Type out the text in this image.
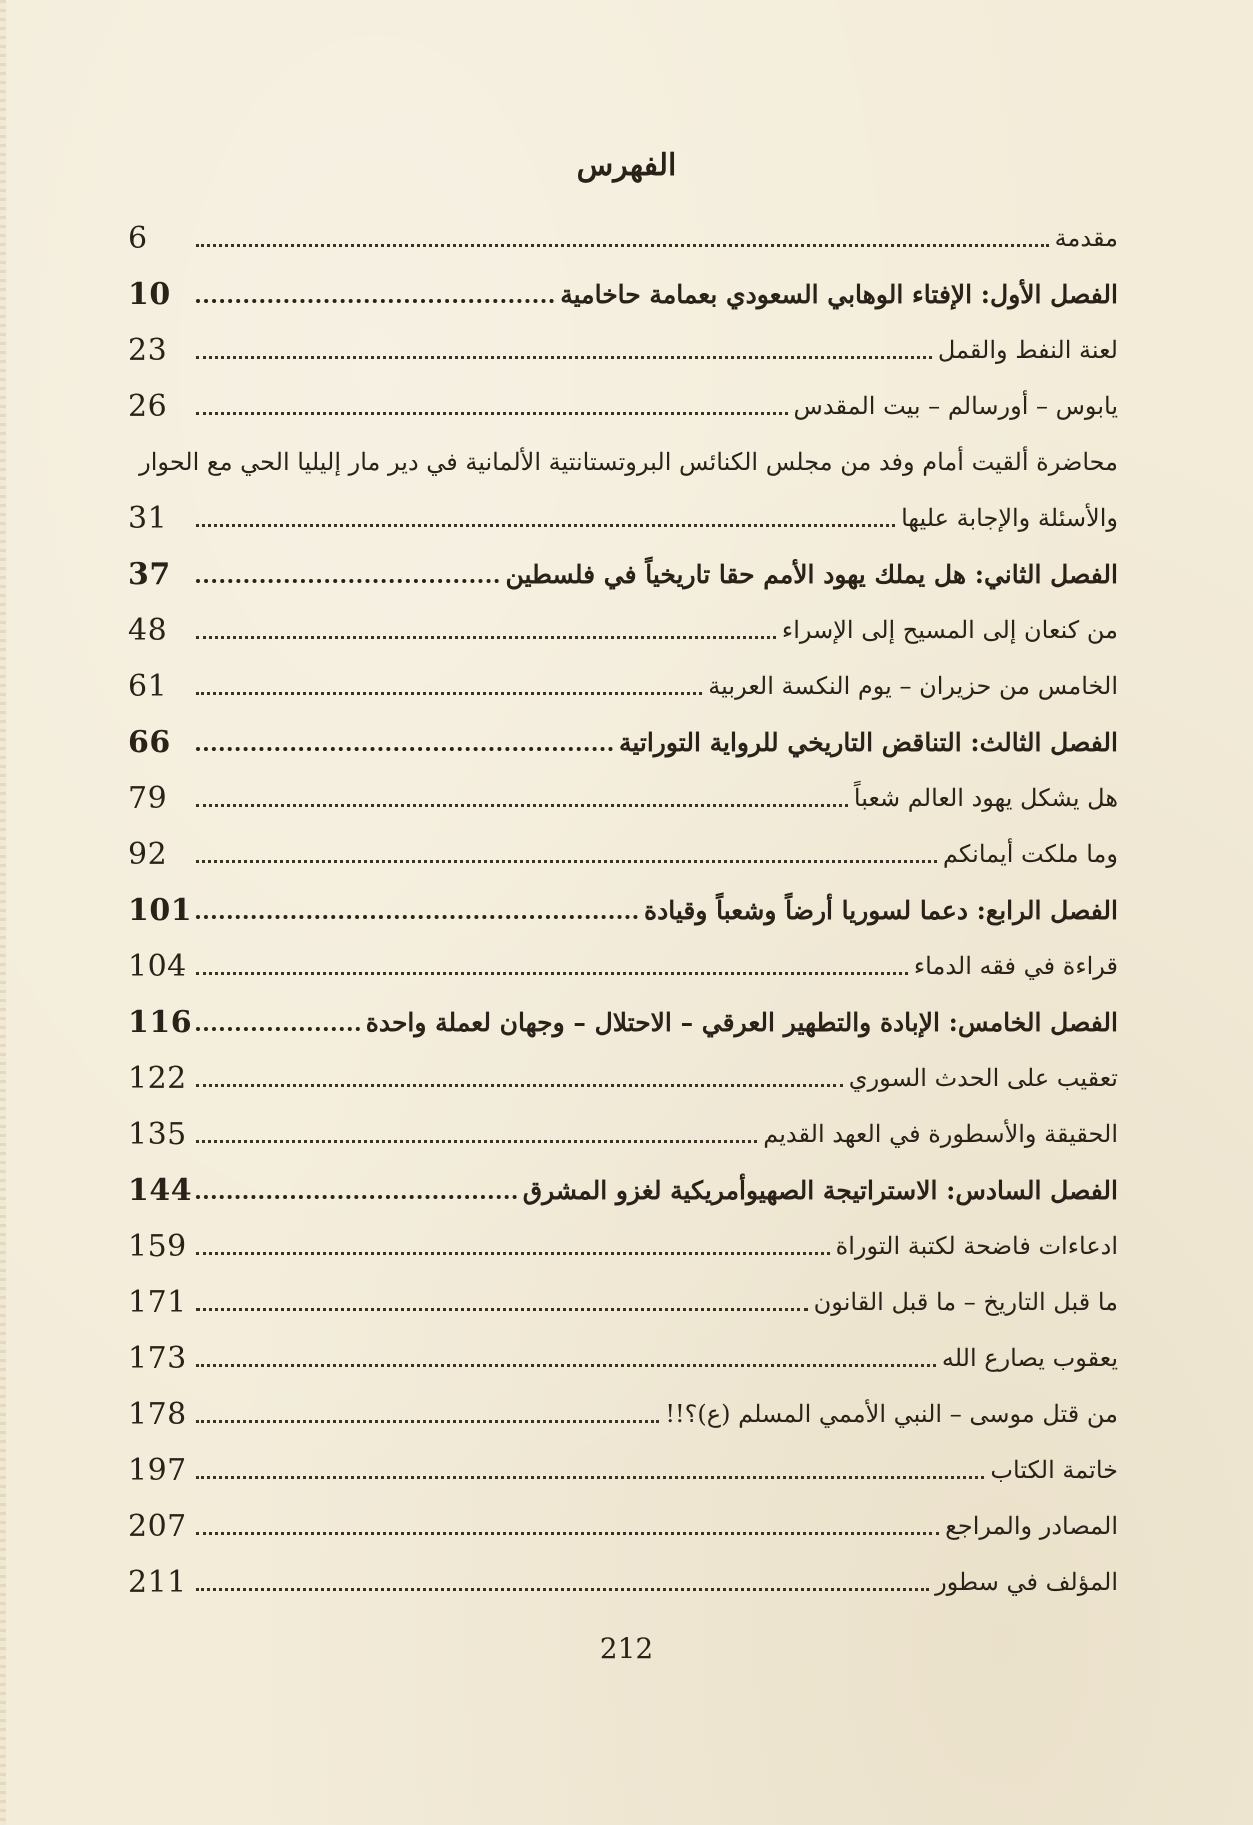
الفهرس
6	مقدمة
10	الفصل الأول: الإفتاء الوهابي السعودي بعمامة حاخامية
23	لعنة النفط والقمل
26	يابوس – أورسالم – بيت المقدس
محاضرة ألقيت أمام وفد من مجلس الكنائس البروتستانتية الألمانية في دير مار إليليا الحي مع الحوار
31	والأسئلة والإجابة عليها
37	الفصل الثاني: هل يملك يهود الأمم حقا تاريخياً في فلسطين
48	من كنعان إلى المسيح إلى الإسراء
61	الخامس من حزيران – يوم النكسة العربية
66	الفصل الثالث: التناقض التاريخي للرواية التوراتية
79	هل يشكل يهود العالم شعباً
92	وما ملكت أيمانكم
101	الفصل الرابع: دعما لسوريا أرضاً وشعباً وقيادة
104	قراءة في فقه الدماء
116	الفصل الخامس: الإبادة والتطهير العرقي – الاحتلال – وجهان لعملة واحدة
122	تعقيب على الحدث السوري
135	الحقيقة والأسطورة في العهد القديم
144	الفصل السادس: الاستراتيجة الصهيوأمريكية لغزو المشرق
159	ادعاءات فاضحة لكتبة التوراة
171	ما قبل التاريخ – ما قبل القانون
173	يعقوب يصارع الله
178	من قتل موسى – النبي الأممي المسلم (ع)؟!!
197	خاتمة الكتاب
207	المصادر والمراجع
211	المؤلف في سطور
212
